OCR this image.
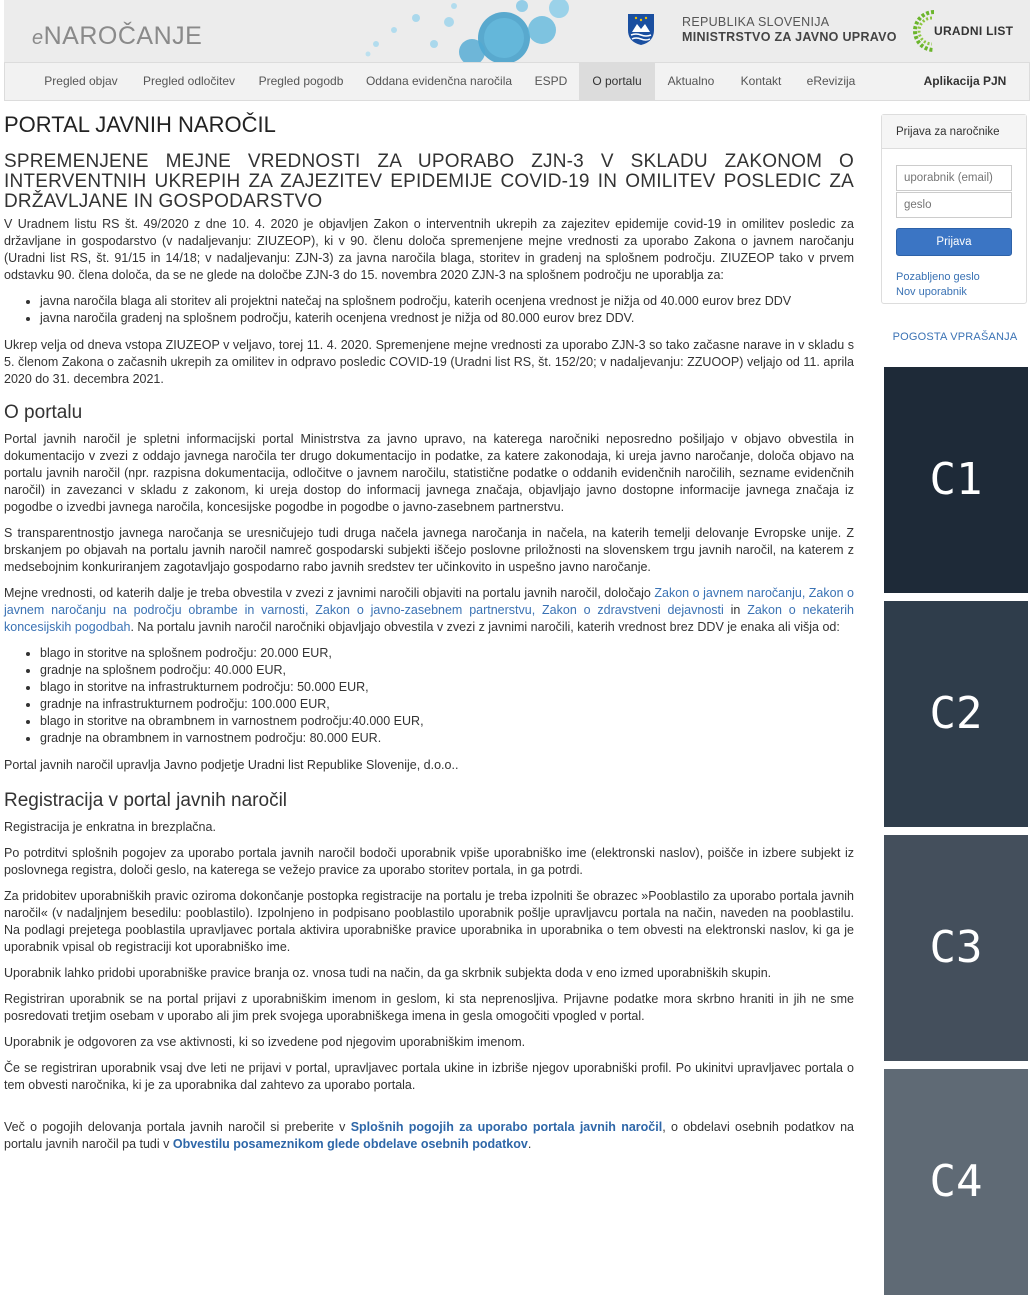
eNAROČANJE	REPUBLIKA SLOVENIJA
MINISTRSTVO ZA JAVNO UPRAVO	URADNI LIST
Pregled objav	Pregled odločitev	Pregled pogodb	Oddana evidenčna naročila	ESPD	O portalu	Aktualno	Kontakt	eRevizija	Aplikacija PJN
PORTAL JAVNIH NAROČIL
SPREMENJENE MEJNE VREDNOSTI ZA UPORABO ZJN-3 V SKLADU ZAKONOM O INTERVENTNIH UKREPIH ZA ZAJEZITEV EPIDEMIJE COVID-19 IN OMILITEV POSLEDIC ZA DRŽAVLJANE IN GOSPODARSTVO

V Uradnem listu RS št. 49/2020 z dne 10. 4. 2020 je objavljen Zakon o interventnih ukrepih za zajezitev epidemije covid-19 in omilitev posledic za državljane in gospodarstvo (v nadaljevanju: ZIUZEOP), ki v 90. členu določa spremenjene mejne vrednosti za uporabo Zakona o javnem naročanju (Uradni list RS, št. 91/15 in 14/18; v nadaljevanju: ZJN-3) za javna naročila blaga, storitev in gradenj na splošnem področju. ZIUZEOP tako v prvem odstavku 90. člena določa, da se ne glede na določbe ZJN-3 do 15. novembra 2020 ZJN-3 na splošnem področju ne uporablja za:

• javna naročila blaga ali storitev ali projektni natečaj na splošnem področju, katerih ocenjena vrednost je nižja od 40.000 eurov brez DDV
• javna naročila gradenj na splošnem področju, katerih ocenjena vrednost je nižja od 80.000 eurov brez DDV.

Ukrep velja od dneva vstopa ZIUZEOP v veljavo, torej 11. 4. 2020. Spremenjene mejne vrednosti za uporabo ZJN-3 so tako začasne narave in v skladu s 5. členom Zakona o začasnih ukrepih za omilitev in odpravo posledic COVID-19 (Uradni list RS, št. 152/20; v nadaljevanju: ZZUOOP) veljajo od 11. aprila 2020 do 31. decembra 2021.

O portalu

Portal javnih naročil je spletni informacijski portal Ministrstva za javno upravo, na katerega naročniki neposredno pošiljajo v objavo obvestila in dokumentacijo v zvezi z oddajo javnega naročila ter drugo dokumentacijo in podatke, za katere zakonodaja, ki ureja javno naročanje, določa objavo na portalu javnih naročil (npr. razpisna dokumentacija, odločitve o javnem naročilu, statistične podatke o oddanih evidenčnih naročilih, sezname evidenčnih naročil) in zavezanci v skladu z zakonom, ki ureja dostop do informacij javnega značaja, objavljajo javno dostopne informacije javnega značaja iz pogodbe o izvedbi javnega naročila, koncesijske pogodbe in pogodbe o javno-zasebnem partnerstvu.

S transparentnostjo javnega naročanja se uresničujejo tudi druga načela javnega naročanja in načela, na katerih temelji delovanje Evropske unije. Z brskanjem po objavah na portalu javnih naročil namreč gospodarski subjekti iščejo poslovne priložnosti na slovenskem trgu javnih naročil, na katerem z medsebojnim konkuriranjem zagotavljajo gospodarno rabo javnih sredstev ter učinkovito in uspešno javno naročanje.

Mejne vrednosti, od katerih dalje je treba obvestila v zvezi z javnimi naročili objaviti na portalu javnih naročil, določajo Zakon o javnem naročanju, Zakon o javnem naročanju na področju obrambe in varnosti, Zakon o javno-zasebnem partnerstvu, Zakon o zdravstveni dejavnosti in Zakon o nekaterih koncesijskih pogodbah. Na portalu javnih naročil naročniki objavljajo obvestila v zvezi z javnimi naročili, katerih vrednost brez DDV je enaka ali višja od:

• blago in storitve na splošnem področju: 20.000 EUR,
• gradnje na splošnem področju: 40.000 EUR,
• blago in storitve na infrastrukturnem področju: 50.000 EUR,
• gradnje na infrastrukturnem področju: 100.000 EUR,
• blago in storitve na obrambnem in varnostnem področju:40.000 EUR,
• gradnje na obrambnem in varnostnem področju: 80.000 EUR.

Portal javnih naročil upravlja Javno podjetje Uradni list Republike Slovenije, d.o.o..

Registracija v portal javnih naročil

Registracija je enkratna in brezplačna.

Po potrditvi splošnih pogojev za uporabo portala javnih naročil bodoči uporabnik vpiše uporabniško ime (elektronski naslov), poišče in izbere subjekt iz poslovnega registra, določi geslo, na katerega se vežejo pravice za uporabo storitev portala, in ga potrdi.

Za pridobitev uporabniških pravic oziroma dokončanje postopka registracije na portalu je treba izpolniti še obrazec »Pooblastilo za uporabo portala javnih naročil« (v nadaljnjem besedilu: pooblastilo). Izpolnjeno in podpisano pooblastilo uporabnik pošlje upravljavcu portala na način, naveden na pooblastilu. Na podlagi prejetega pooblastila upravljavec portala aktivira uporabniške pravice uporabnika in uporabnika o tem obvesti na elektronski naslov, ki ga je uporabnik vpisal ob registraciji kot uporabniško ime.

Uporabnik lahko pridobi uporabniške pravice branja oz. vnosa tudi na način, da ga skrbnik subjekta doda v eno izmed uporabniških skupin.

Registriran uporabnik se na portal prijavi z uporabniškim imenom in geslom, ki sta neprenosljiva. Prijavne podatke mora skrbno hraniti in jih ne sme posredovati tretjim osebam v uporabo ali jim prek svojega uporabniškega imena in gesla omogočiti vpogled v portal.

Uporabnik je odgovoren za vse aktivnosti, ki so izvedene pod njegovim uporabniškim imenom.

Če se registriran uporabnik vsaj dve leti ne prijavi v portal, upravljavec portala ukine in izbriše njegov uporabniški profil. Po ukinitvi upravljavec portala o tem obvesti naročnika, ki je za uporabnika dal zahtevo za uporabo portala.

Več o pogojih delovanja portala javnih naročil si preberite v Splošnih pogojih za uporabo portala javnih naročil, o obdelavi osebnih podatkov na portalu javnih naročil pa tudi v Obvestilu posameznikom glede obdelave osebnih podatkov.

Prijava za naročnike
uporabnik (email)
Prijava
Pozabljeno geslo
Nov uporabnik
POGOSTA VPRAŠANJA
C1
C2
C3
C4
